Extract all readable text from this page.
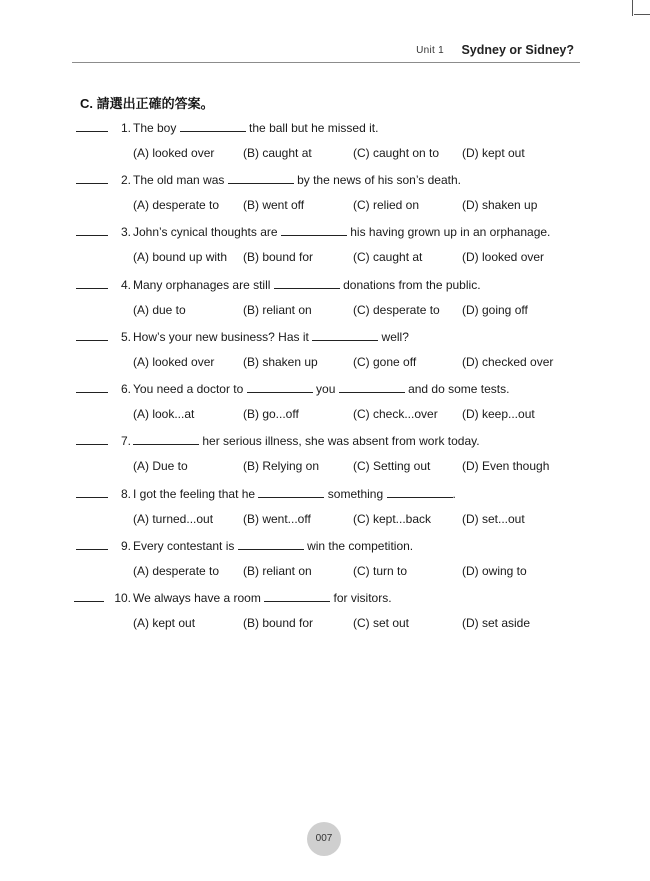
Unit 1 Sydney or Sidney?
C. 請選出正確的答案。
1. The boy	the ball but he missed it.
(A) looked over (B) caught at	(C) caught on to (D) kept out
2. The old man was	by the news of his son’s death.
(A) desperate to (B) went off	(C) relied on	(D) shaken up
3. John’s cynical thoughts are	his having grown up in an orphanage.
(A) bound up with (B) bound for	(C) caught at	(D) looked over
4. Many orphanages are still	donations from the public.
(A) due to	(B) reliant on	(C) desperate to (D) going off
5. How’s your new business? Has it	well?
(A) looked over (B) shaken up	(C) gone off	(D) checked over
6. You need a doctor to	you	and do some tests.
(A) look...at	(B) go...off	(C) check...over (D) keep...out
7.	her serious illness, she was absent from work today.
(A) Due to	(B) Relying on	(C) Setting out	(D) Even though
8. I got the feeling that he	something	.
(A) turned...out (B) went...off	(C) kept...back	(D) set...out
9. Every contestant is	win the competition.
(A) desperate to (B) reliant on	(C) turn to	(D) owing to
10. We always have a room	for visitors.
(A) kept out	(B) bound for	(C) set out	(D) set aside
007
